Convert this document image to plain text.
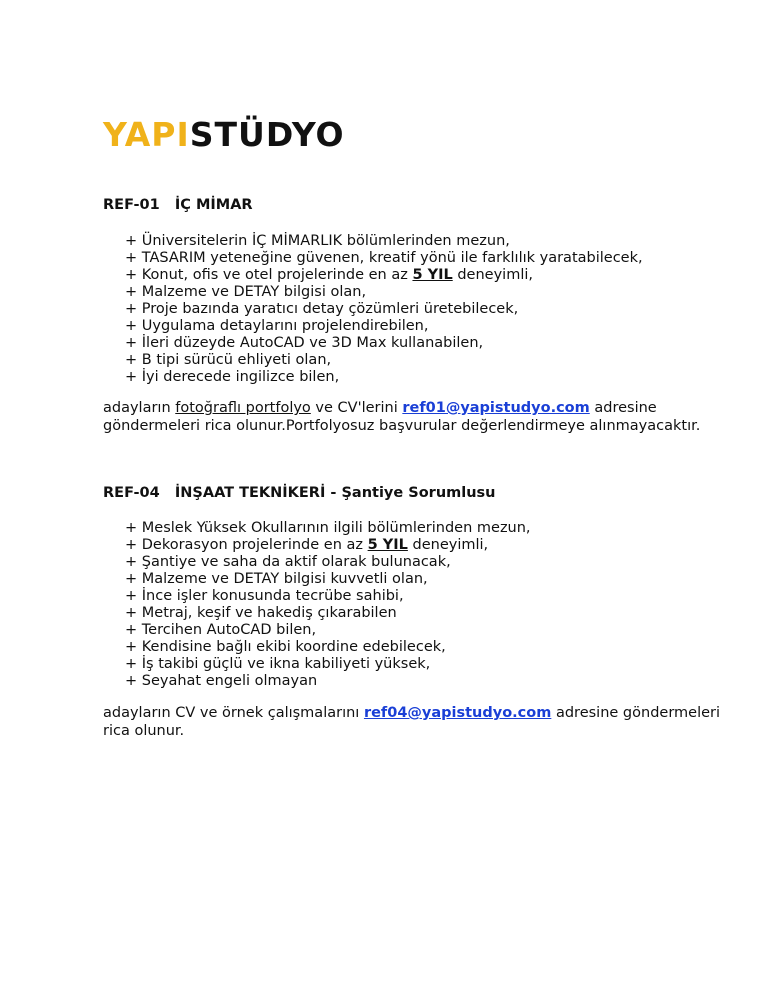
YAPI STÜDYO
REF-01   İÇ MİMAR
+ Üniversitelerin İÇ MİMARLIK bölümlerinden mezun,
+ TASARIM yeteneğine güvenen, kreatif yönü ile farklılık yaratabilecek,
+ Konut, ofis ve otel projelerinde en az 5 YIL deneyimli,
+ Malzeme ve DETAY bilgisi olan,
+ Proje bazında yaratıcı detay çözümleri üretebilecek,
+ Uygulama detaylarını projelendirebilen,
+ İleri düzeyde AutoCAD ve 3D Max kullanabilen,
+ B tipi sürücü ehliyeti olan,
+ İyi derecede ingilizce bilen,
adayların fotoğraflı portfolyo ve CV'lerini ref01@yapistudyo.com adresine göndermeleri rica olunur.Portfolyosuz başvurular değerlendirmeye alınmayacaktır.
REF-04   İNŞAAT TEKNİKERİ - Şantiye Sorumlusu
+ Meslek Yüksek Okullarının ilgili bölümlerinden mezun,
+ Dekorasyon projelerinde en az 5 YIL deneyimli,
+ Şantiye ve saha da aktif olarak bulunacak,
+ Malzeme ve DETAY bilgisi kuvvetli olan,
+ İnce işler konusunda tecrübe sahibi,
+ Metraj, keşif ve hakediş çıkarabilen
+ Tercihen AutoCAD bilen,
+ Kendisine bağlı ekibi koordine edebilecek,
+ İş takibi güçlü ve ikna kabiliyeti yüksek,
+ Seyahat engeli olmayan
adayların CV ve örnek çalışmalarını ref04@yapistudyo.com adresine göndermeleri rica olunur.
